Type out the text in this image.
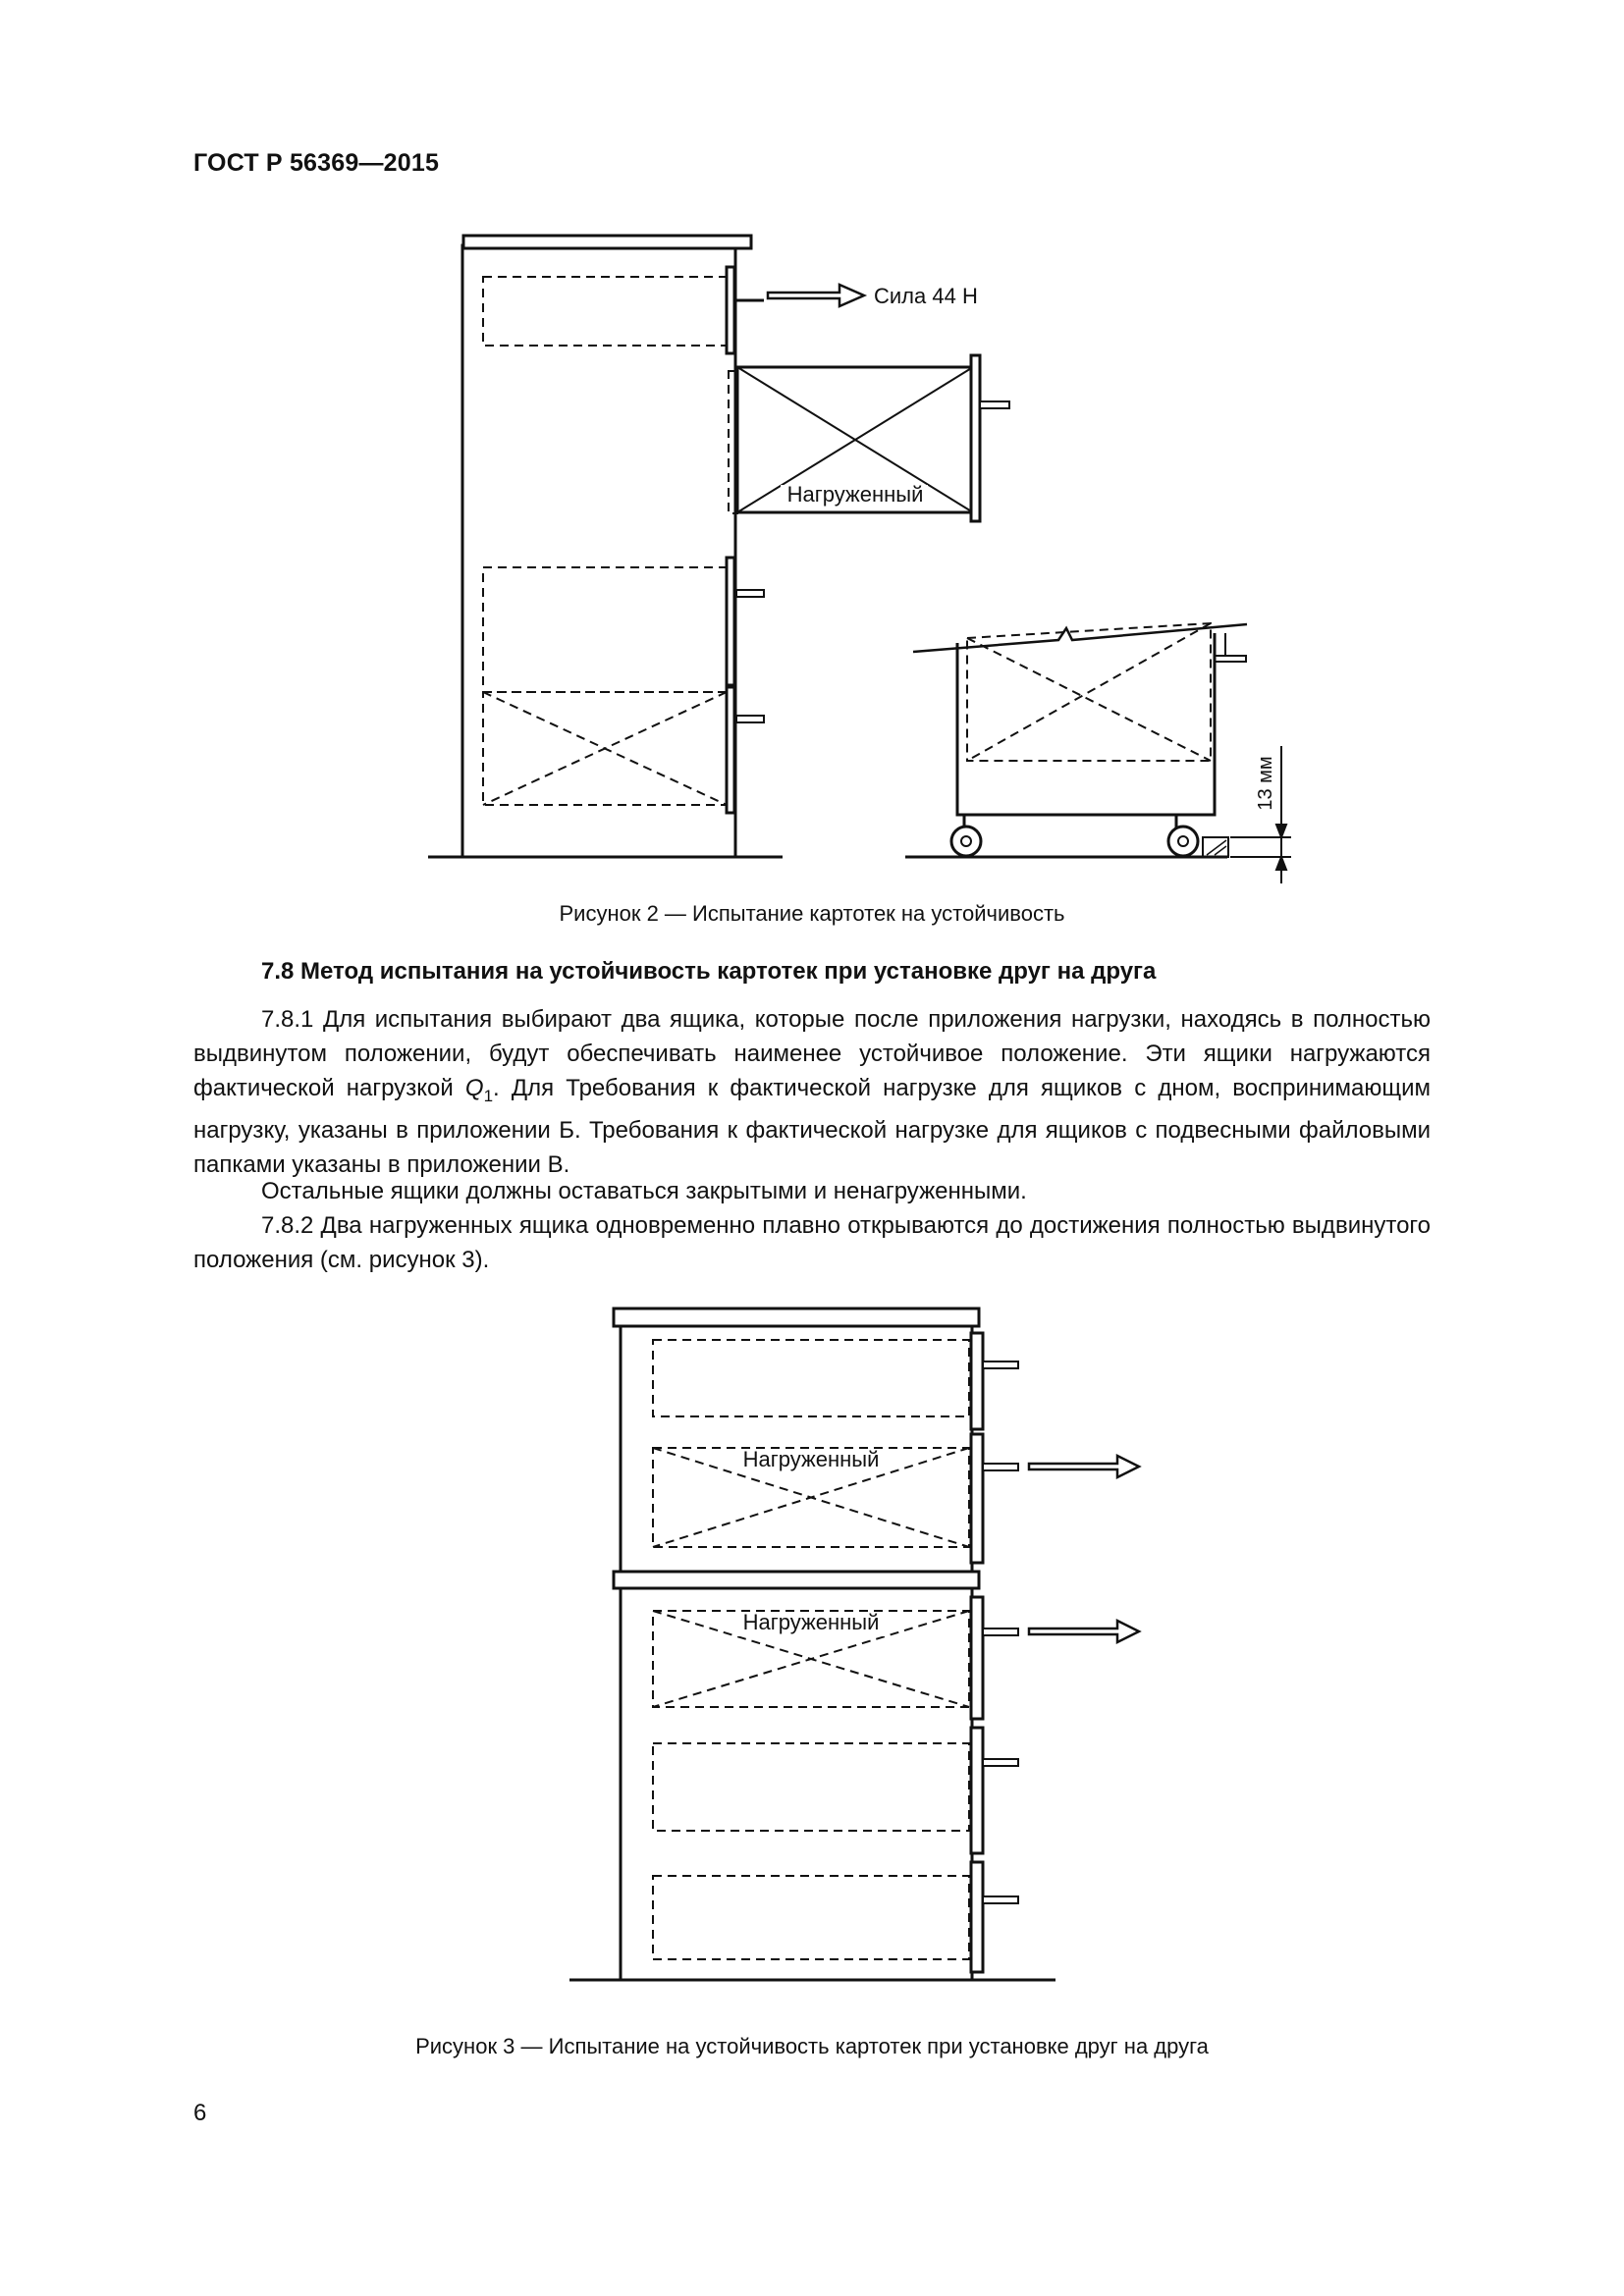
ГОСТ Р 56369—2015
Сила 44 Н
Нагруженный
13 мм
Рисунок 2 — Испытание картотек на устойчивость
7.8 Метод испытания на устойчивость картотек при установке друг на друга
7.8.1 Для испытания выбирают два ящика, которые после приложения нагрузки, находясь в полностью выдвинутом положении, будут обеспечивать наименее устойчивое положение. Эти ящики нагружаются фактической нагрузкой $Q_1$. Для Требования к фактической нагрузке для ящиков с дном, воспринимающим нагрузку, указаны в приложении Б. Требования к фактической нагрузке для ящиков с подвесными файловыми папками указаны в приложении В.
Остальные ящики должны оставаться закрытыми и ненагруженными.
7.8.2 Два нагруженных ящика одновременно плавно открываются до достижения полностью выдвинутого положения (см. рисунок 3).
Нагруженный
Нагруженный
Рисунок 3 — Испытание на устойчивость картотек при установке друг на друга
6
